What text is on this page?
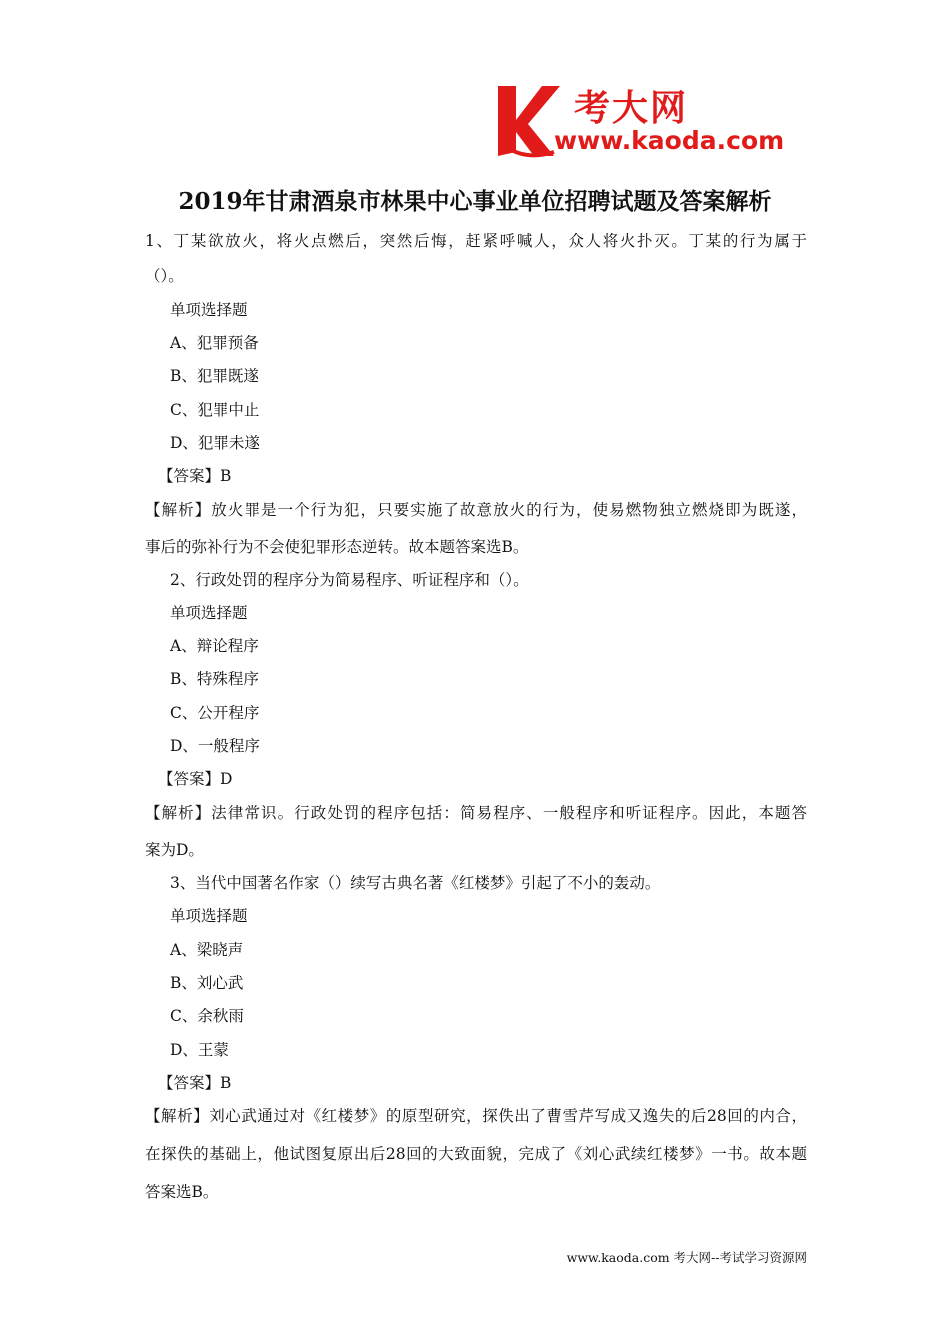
考大网
www.kaoda.com
2019年甘肃酒泉市林果中心事业单位招聘试题及答案解析
1、丁某欲放火，将火点燃后，突然后悔，赶紧呼喊人，众人将火扑灭。丁某的行为属于
（）。
单项选择题
A、犯罪预备
B、犯罪既遂
C、犯罪中止
D、犯罪未遂
【答案】B
【解析】放火罪是一个行为犯，只要实施了故意放火的行为，使易燃物独立燃烧即为既遂，
事后的弥补行为不会使犯罪形态逆转。故本题答案选B。
2、行政处罚的程序分为简易程序、听证程序和（）。
单项选择题
A、辩论程序
B、特殊程序
C、公开程序
D、一般程序
【答案】D
【解析】法律常识。行政处罚的程序包括：简易程序、一般程序和听证程序。因此，本题答
案为D。
3、当代中国著名作家（）续写古典名著《红楼梦》引起了不小的轰动。
单项选择题
A、梁晓声
B、刘心武
C、余秋雨
D、王蒙
【答案】B
【解析】刘心武通过对《红楼梦》的原型研究，探佚出了曹雪芹写成又逸失的后28回的内合，
在探佚的基础上，他试图复原出后28回的大致面貌，完成了《刘心武续红楼梦》一书。故本题
答案选B。
www.kaoda.com 考大网--考试学习资源网
